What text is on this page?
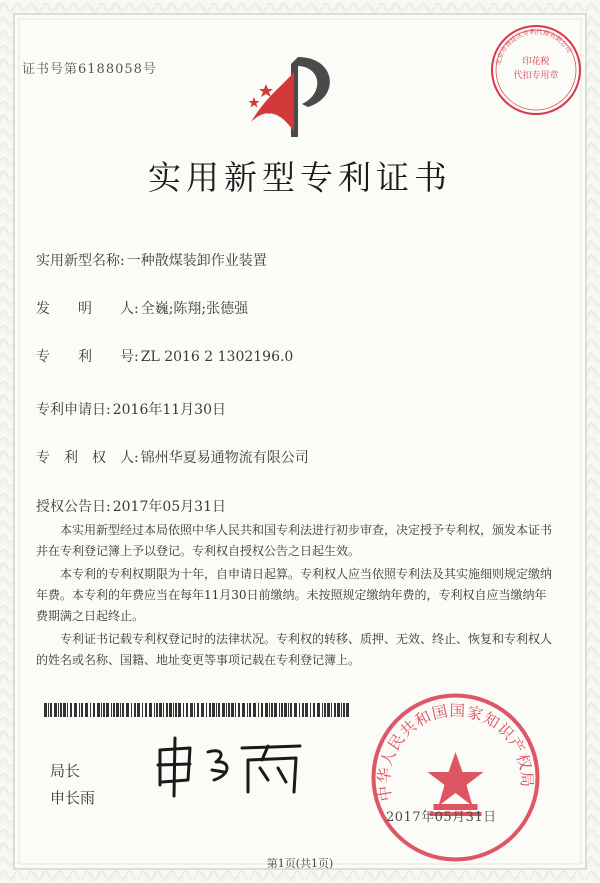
证书号第6188058号	印花税
代扣专用章
北京市海淀区专利代理有限公司
实用新型专利证书
实用新型名称: 一种散煤装卸作业装置
发　　明　　人: 全巍;陈翔;张德强
专　　利　　号: ZL 2016 2 1302196.0
专利申请日: 2016年11月30日
专　利　权　人: 锦州华夏易通物流有限公司
授权公告日: 2017年05月31日

本实用新型经过本局依照中华人民共和国专利法进行初步审查，决定授予专利权，颁发本证书并在专利登记簿上予以登记。专利权自授权公告之日起生效。

本专利的专利权期限为十年，自申请日起算。专利权人应当依照专利法及其实施细则规定缴纳年费。本专利的年费应当在每年11月30日前缴纳。未按照规定缴纳年费的，专利权自应当缴纳年费期满之日起终止。

专利证书记载专利权登记时的法律状况。专利权的转移、质押、无效、终止、恢复和专利权人的姓名或名称、国籍、地址变更等事项记载在专利登记簿上。

局长
申长雨	中华人民共和国国家知识产权局
2017年05月31日
第1页(共1页)
